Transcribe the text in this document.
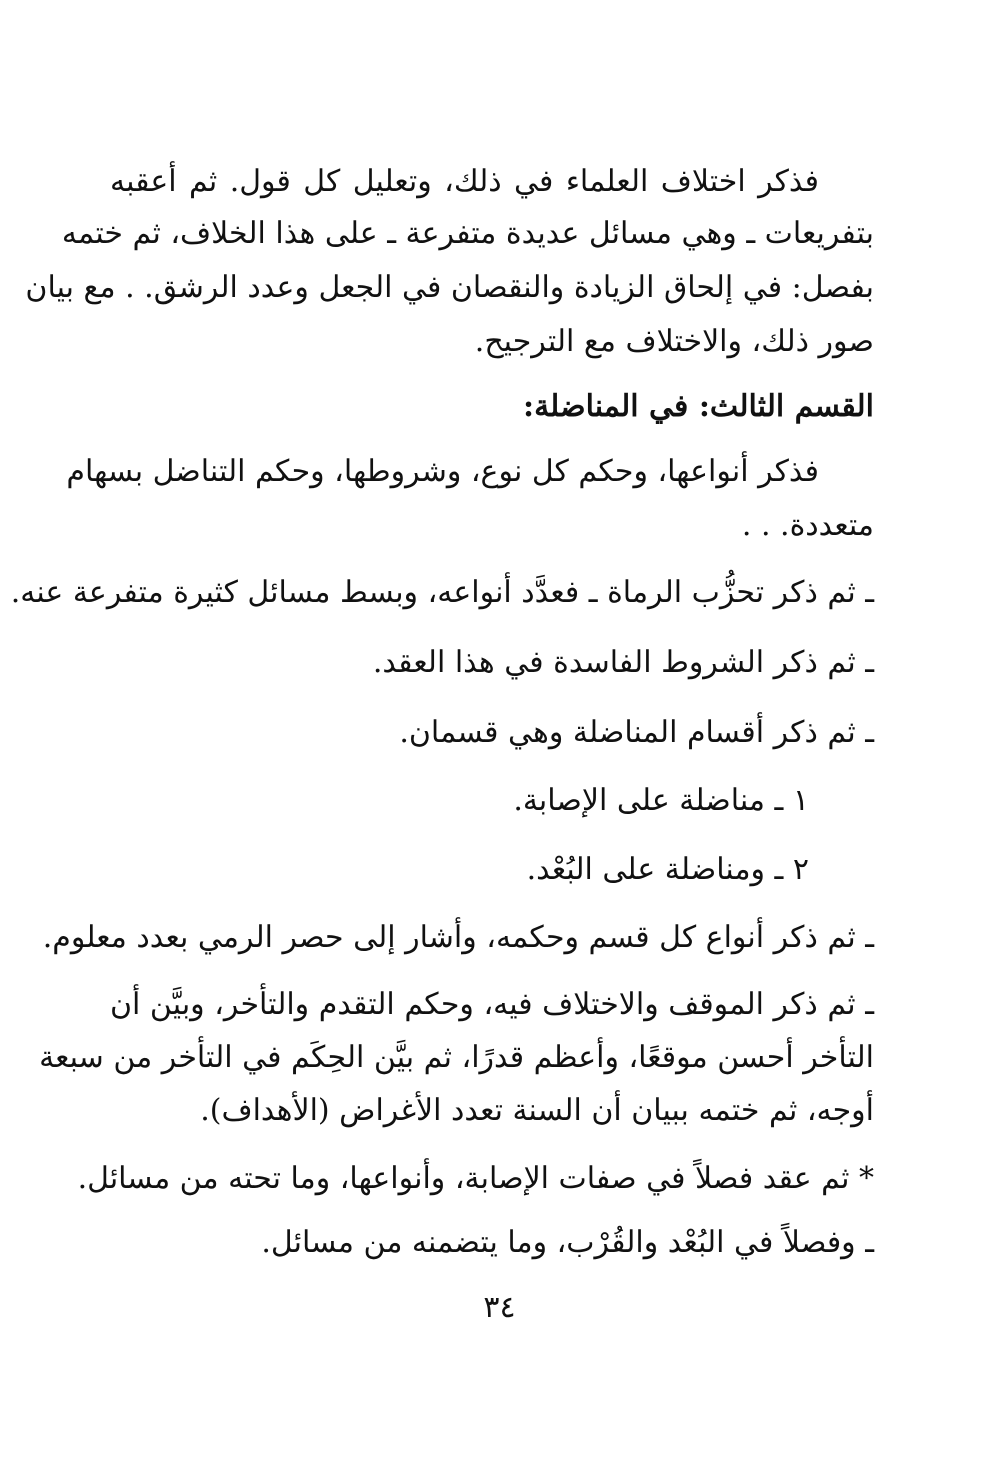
فذكر اختلاف العلماء في ذلك، وتعليل كل قول. ثم أعقبه
بتفريعات ـ وهي مسائل عديدة متفرعة ـ على هذا الخلاف، ثم ختمه
بفصل: في إلحاق الزيادة والنقصان في الجعل وعدد الرشق. . مع بيان
صور ذلك، والاختلاف مع الترجيح.
القسم الثالث: في المناضلة:
فذكر أنواعها، وحكم كل نوع، وشروطها، وحكم التناضل بسهام
متعددة. . .
ـ ثم ذكر تحزُّب الرماة ـ فعدَّد أنواعه، وبسط مسائل كثيرة متفرعة عنه.
ـ ثم ذكر الشروط الفاسدة في هذا العقد.
ـ ثم ذكر أقسام المناضلة وهي قسمان.
١ ـ مناضلة على الإصابة.
٢ ـ ومناضلة على البُعْد.
ـ ثم ذكر أنواع كل قسم وحكمه، وأشار إلى حصر الرمي بعدد معلوم.
ـ ثم ذكر الموقف والاختلاف فيه، وحكم التقدم والتأخر، وبيَّن أن
التأخر أحسن موقعًا، وأعظم قدرًا، ثم بيَّن الحِكَم في التأخر من سبعة
أوجه، ثم ختمه ببيان أن السنة تعدد الأغراض (الأهداف).
* ثم عقد فصلاً في صفات الإصابة، وأنواعها، وما تحته من مسائل.
ـ وفصلاً في البُعْد والقُرْب، وما يتضمنه من مسائل.
٣٤
